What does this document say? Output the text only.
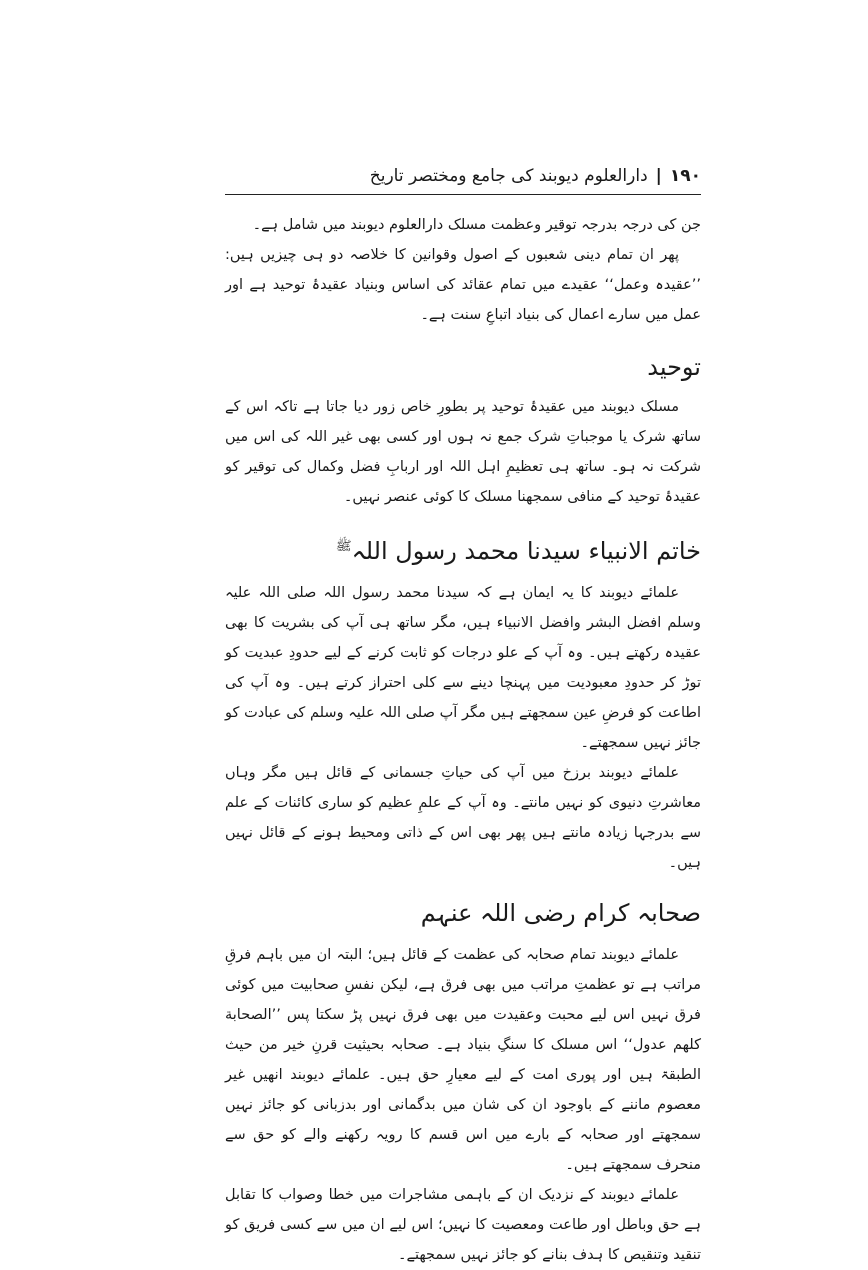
۱۹۰
|
دارالعلوم دیوبند کی جامع ومختصر تاریخ

جن کی درجہ بدرجہ توقیر وعظمت مسلک دارالعلوم دیوبند میں شامل ہے۔

پھر ان تمام دینی شعبوں کے اصول وقوانین کا خلاصہ دو ہی چیزیں ہیں: ’’عقیدہ وعمل‘‘ عقیدے میں تمام عقائد کی اساس وبنیاد عقیدۂ توحید ہے اور عمل میں سارے اعمال کی بنیاد اتباعِ سنت ہے۔

توحید

مسلک دیوبند میں عقیدۂ توحید پر بطورِ خاص زور دیا جاتا ہے تاکہ اس کے ساتھ شرک یا موجباتِ شرک جمع نہ ہوں اور کسی بھی غیر اللہ کی اس میں شرکت نہ ہو۔ ساتھ ہی تعظیمِ اہل اللہ اور اربابِ فضل وکمال کی توقیر کو عقیدۂ توحید کے منافی سمجھنا مسلک کا کوئی عنصر نہیں۔

خاتم الانبیاء سیدنا محمد رسول اللہ$^ﷺ$

علمائے دیوبند کا یہ ایمان ہے کہ سیدنا محمد رسول اللہ صلی اللہ علیہ وسلم افضل البشر وافضل الانبیاء ہیں، مگر ساتھ ہی آپ کی بشریت کا بھی عقیدہ رکھتے ہیں۔ وہ آپ کے علو درجات کو ثابت کرنے کے لیے حدودِ عبدیت کو توڑ کر حدودِ معبودیت میں پہنچا دینے سے کلی احتراز کرتے ہیں۔ وہ آپ کی اطاعت کو فرضِ عین سمجھتے ہیں مگر آپ صلی اللہ علیہ وسلم کی عبادت کو جائز نہیں سمجھتے۔

علمائے دیوبند برزخ میں آپ کی حیاتِ جسمانی کے قائل ہیں مگر وہاں معاشرتِ دنیوی کو نہیں مانتے۔ وہ آپ کے علمِ عظیم کو ساری کائنات کے علم سے بدرجہا زیادہ مانتے ہیں پھر بھی اس کے ذاتی ومحیط ہونے کے قائل نہیں ہیں۔

صحابہ کرام رضی اللہ عنہم

علمائے دیوبند تمام صحابہ کی عظمت کے قائل ہیں؛ البتہ ان میں باہم فرقِ مراتب ہے تو عظمتِ مراتب میں بھی فرق ہے، لیکن نفسِ صحابیت میں کوئی فرق نہیں اس لیے محبت وعقیدت میں بھی فرق نہیں پڑ سکتا پس ’’الصحابة کلھم عدول‘‘ اس مسلک کا سنگِ بنیاد ہے۔ صحابہ بحیثیت قرنِ خیر من حیث الطبقۃ ہیں اور پوری امت کے لیے معیارِ حق ہیں۔ علمائے دیوبند انھیں غیر معصوم ماننے کے باوجود ان کی شان میں بدگمانی اور بدزبانی کو جائز نہیں سمجھتے اور صحابہ کے بارے میں اس قسم کا رویہ رکھنے والے کو حق سے منحرف سمجھتے ہیں۔

علمائے دیوبند کے نزدیک ان کے باہمی مشاجرات میں خطا وصواب کا تقابل ہے حق وباطل اور طاعت ومعصیت کا نہیں؛ اس لیے ان میں سے کسی فریق کو تنقید وتنقیص کا ہدف بنانے کو جائز نہیں سمجھتے۔
